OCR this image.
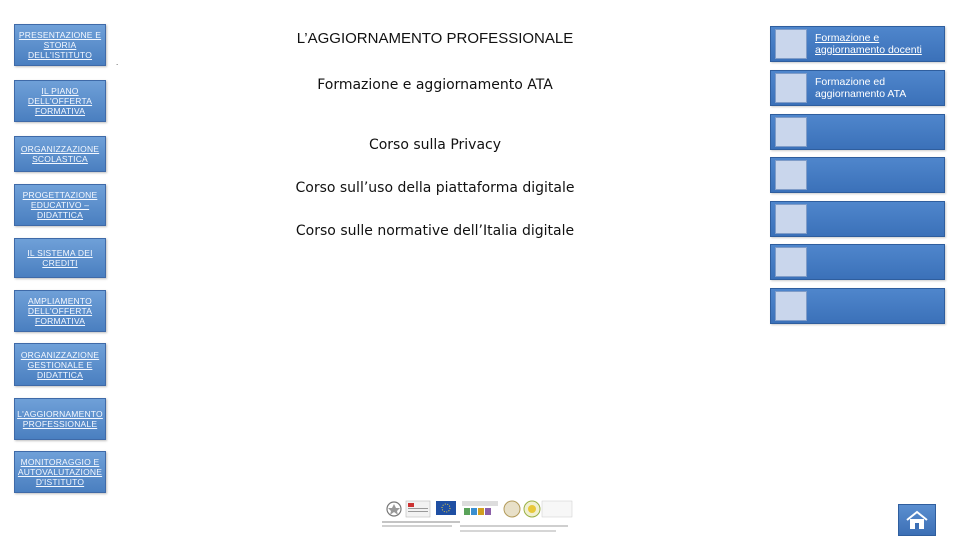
PRESENTAZIONE E STORIA DELL'ISTITUTO
IL PIANO DELL'OFFERTA FORMATIVA
ORGANIZZAZIONE SCOLASTICA
PROGETTAZIONE EDUCATIVO – DIDATTICA
IL SISTEMA DEI CREDITI
AMPLIAMENTO DELL'OFFERTA FORMATIVA
ORGANIZZAZIONE GESTIONALE E DIDATTICA
L'AGGIORNAMENTO PROFESSIONALE
MONITORAGGIO E AUTOVALUTAZIONE D'ISTITUTO
.
L’AGGIORNAMENTO PROFESSIONALE
Formazione e aggiornamento ATA
Corso sulla Privacy
Corso sull’uso della piattaforma digitale
Corso sulle normative dell’Italia digitale
Formazione e aggiornamento docenti
Formazione ed aggiornamento ATA
